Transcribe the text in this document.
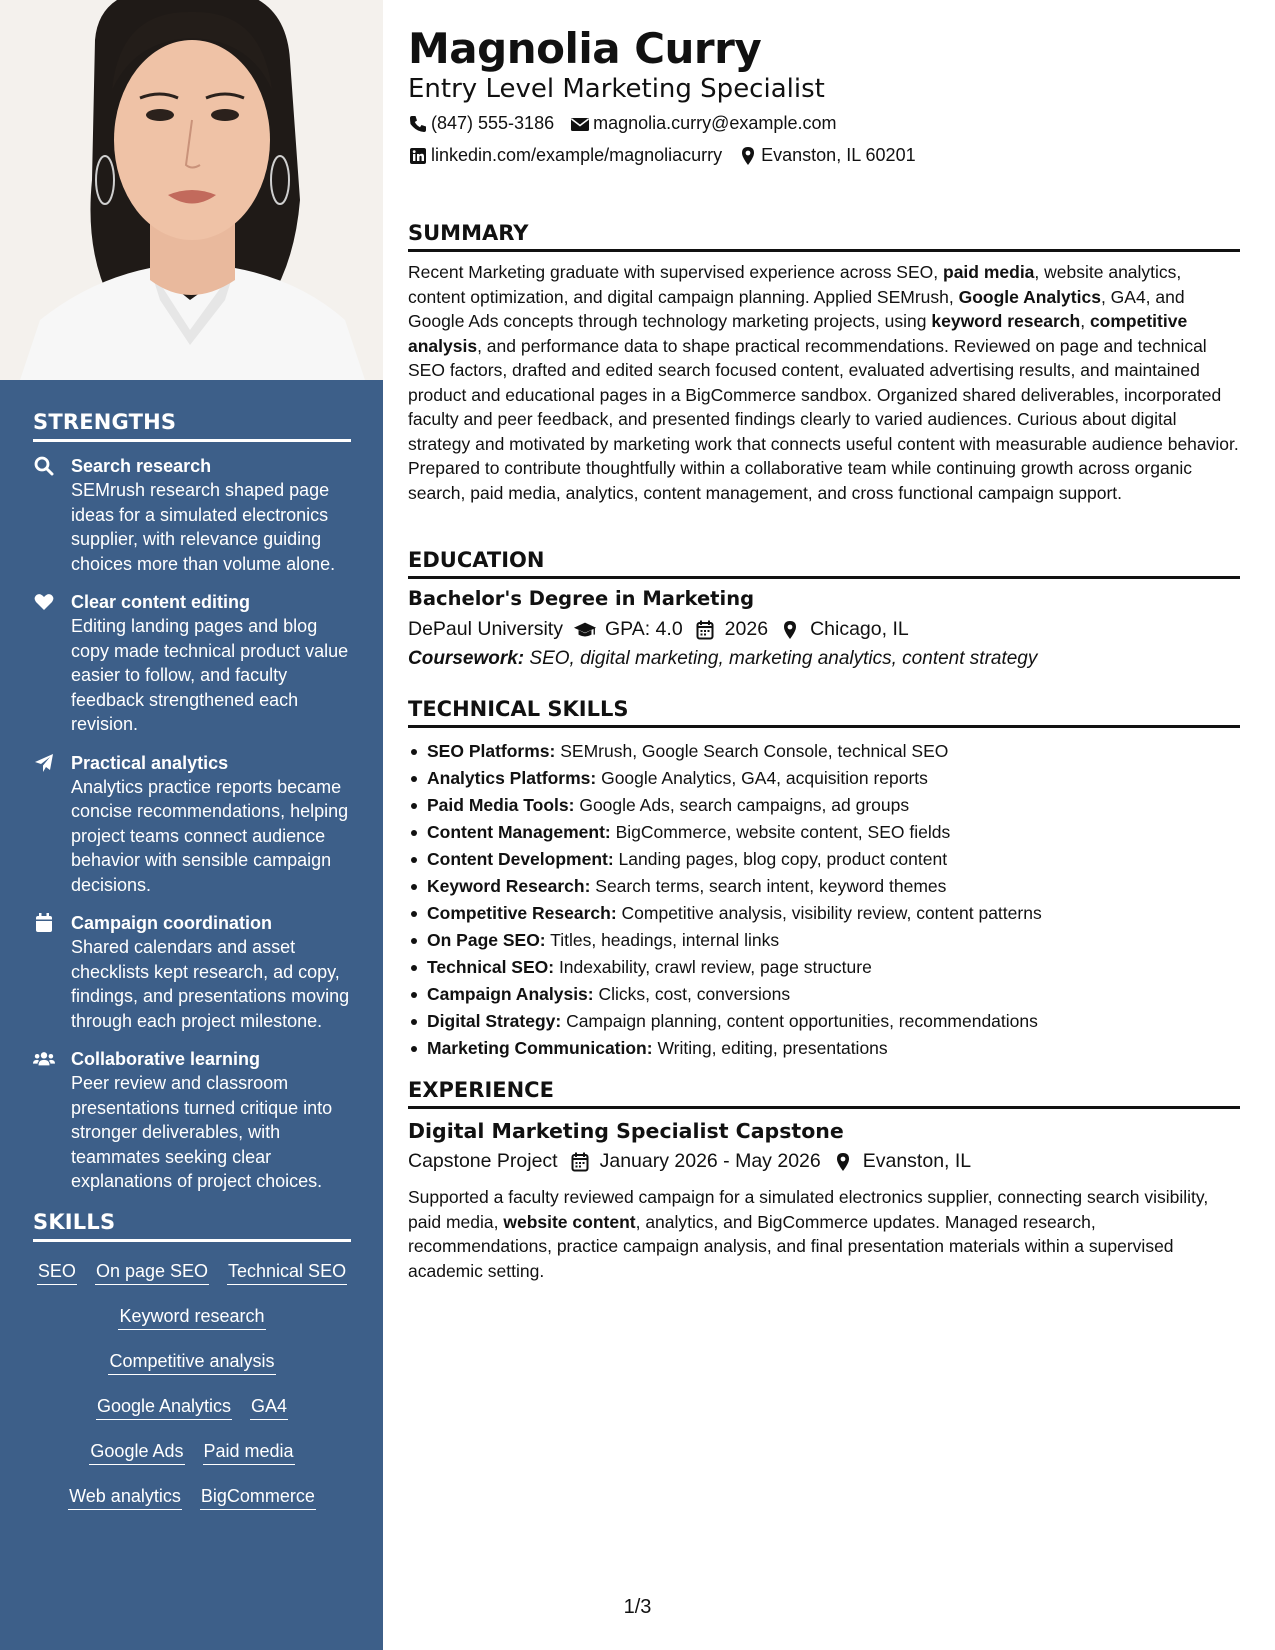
STRENGTHS
Search research
SEMrush research shaped page ideas for a simulated electronics supplier, with relevance guiding choices more than volume alone.
Clear content editing
Editing landing pages and blog copy made technical product value easier to follow, and faculty feedback strengthened each revision.
Practical analytics
Analytics practice reports became concise recommendations, helping project teams connect audience behavior with sensible campaign decisions.
Campaign coordination
Shared calendars and asset checklists kept research, ad copy, findings, and presentations moving through each project milestone.
Collaborative learning
Peer review and classroom presentations turned critique into stronger deliverables, with teammates seeking clear explanations of project choices.
SKILLS
SEO On page SEO Technical SEO
Keyword research
Competitive analysis
Google Analytics GA4
Google Ads Paid media
Web analytics BigCommerce
Magnolia Curry
Entry Level Marketing Specialist
(847) 555-3186 magnolia.curry@example.com
linkedin.com/example/magnoliacurry Evanston, IL 60201
SUMMARY
Recent Marketing graduate with supervised experience across SEO, paid media, website analytics, content optimization, and digital campaign planning. Applied SEMrush, Google Analytics, GA4, and Google Ads concepts through technology marketing projects, using keyword research, competitive analysis, and performance data to shape practical recommendations. Reviewed on page and technical SEO factors, drafted and edited search focused content, evaluated advertising results, and maintained product and educational pages in a BigCommerce sandbox. Organized shared deliverables, incorporated faculty and peer feedback, and presented findings clearly to varied audiences. Curious about digital strategy and motivated by marketing work that connects useful content with measurable audience behavior. Prepared to contribute thoughtfully within a collaborative team while continuing growth across organic search, paid media, analytics, content management, and cross functional campaign support.
EDUCATION
Bachelor's Degree in Marketing
DePaul University GPA: 4.0 2026 Chicago, IL
Coursework: SEO, digital marketing, marketing analytics, content strategy
TECHNICAL SKILLS
SEO Platforms: SEMrush, Google Search Console, technical SEO
Analytics Platforms: Google Analytics, GA4, acquisition reports
Paid Media Tools: Google Ads, search campaigns, ad groups
Content Management: BigCommerce, website content, SEO fields
Content Development: Landing pages, blog copy, product content
Keyword Research: Search terms, search intent, keyword themes
Competitive Research: Competitive analysis, visibility review, content patterns
On Page SEO: Titles, headings, internal links
Technical SEO: Indexability, crawl review, page structure
Campaign Analysis: Clicks, cost, conversions
Digital Strategy: Campaign planning, content opportunities, recommendations
Marketing Communication: Writing, editing, presentations
EXPERIENCE
Digital Marketing Specialist Capstone
Capstone Project January 2026 - May 2026 Evanston, IL
Supported a faculty reviewed campaign for a simulated electronics supplier, connecting search visibility, paid media, website content, analytics, and BigCommerce updates. Managed research, recommendations, practice campaign analysis, and final presentation materials within a supervised academic setting.
1/3
